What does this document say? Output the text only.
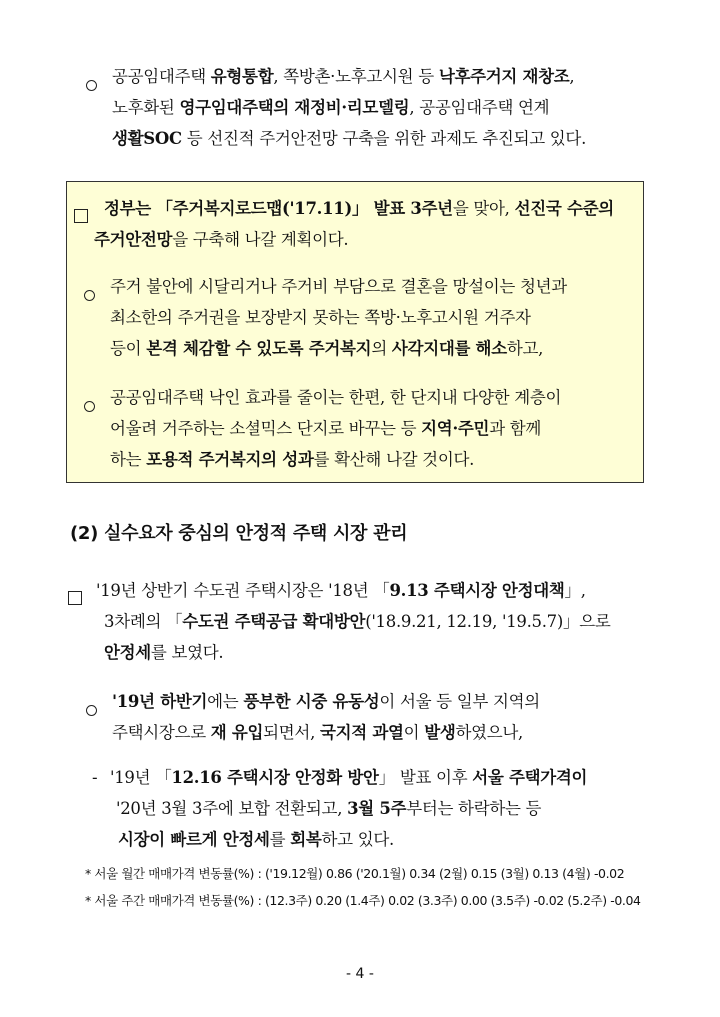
공공임대주택 유형통합, 쪽방촌·노후고시원 등 낙후주거지 재창조,
노후화된 영구임대주택의 재정비·리모델링, 공공임대주택 연계
생활SOC 등 선진적 주거안전망 구축을 위한 과제도 추진되고 있다.
정부는 「주거복지로드맵('17.11)」 발표 3주년을 맞아, 선진국 수준의
주거안전망을 구축해 나갈 계획이다.
주거 불안에 시달리거나 주거비 부담으로 결혼을 망설이는 청년과
최소한의 주거권을 보장받지 못하는 쪽방·노후고시원 거주자
등이 본격 체감할 수 있도록 주거복지의 사각지대를 해소하고,
공공임대주택 낙인 효과를 줄이는 한편, 한 단지내 다양한 계층이
어울려 거주하는 소셜믹스 단지로 바꾸는 등 지역·주민과 함께
하는 포용적 주거복지의 성과를 확산해 나갈 것이다.
(2) 실수요자 중심의 안정적 주택 시장 관리
'19년 상반기 수도권 주택시장은 '18년 「9.13 주택시장 안정대책」,
3차례의 「수도권 주택공급 확대방안('18.9.21, 12.19, '19.5.7)」으로
안정세를 보였다.
'19년 하반기에는 풍부한 시중 유동성이 서울 등 일부 지역의
주택시장으로 재 유입되면서, 국지적 과열이 발생하였으나,
- '19년 「12.16 주택시장 안정화 방안」 발표 이후 서울 주택가격이
'20년 3월 3주에 보합 전환되고, 3월 5주부터는 하락하는 등
시장이 빠르게 안정세를 회복하고 있다.
* 서울 월간 매매가격 변동률(%) : ('19.12월) 0.86 ('20.1월) 0.34 (2월) 0.15 (3월) 0.13 (4월) -0.02
* 서울 주간 매매가격 변동률(%) : (12.3주) 0.20 (1.4주) 0.02 (3.3주) 0.00 (3.5주) -0.02 (5.2주) -0.04
- 4 -
